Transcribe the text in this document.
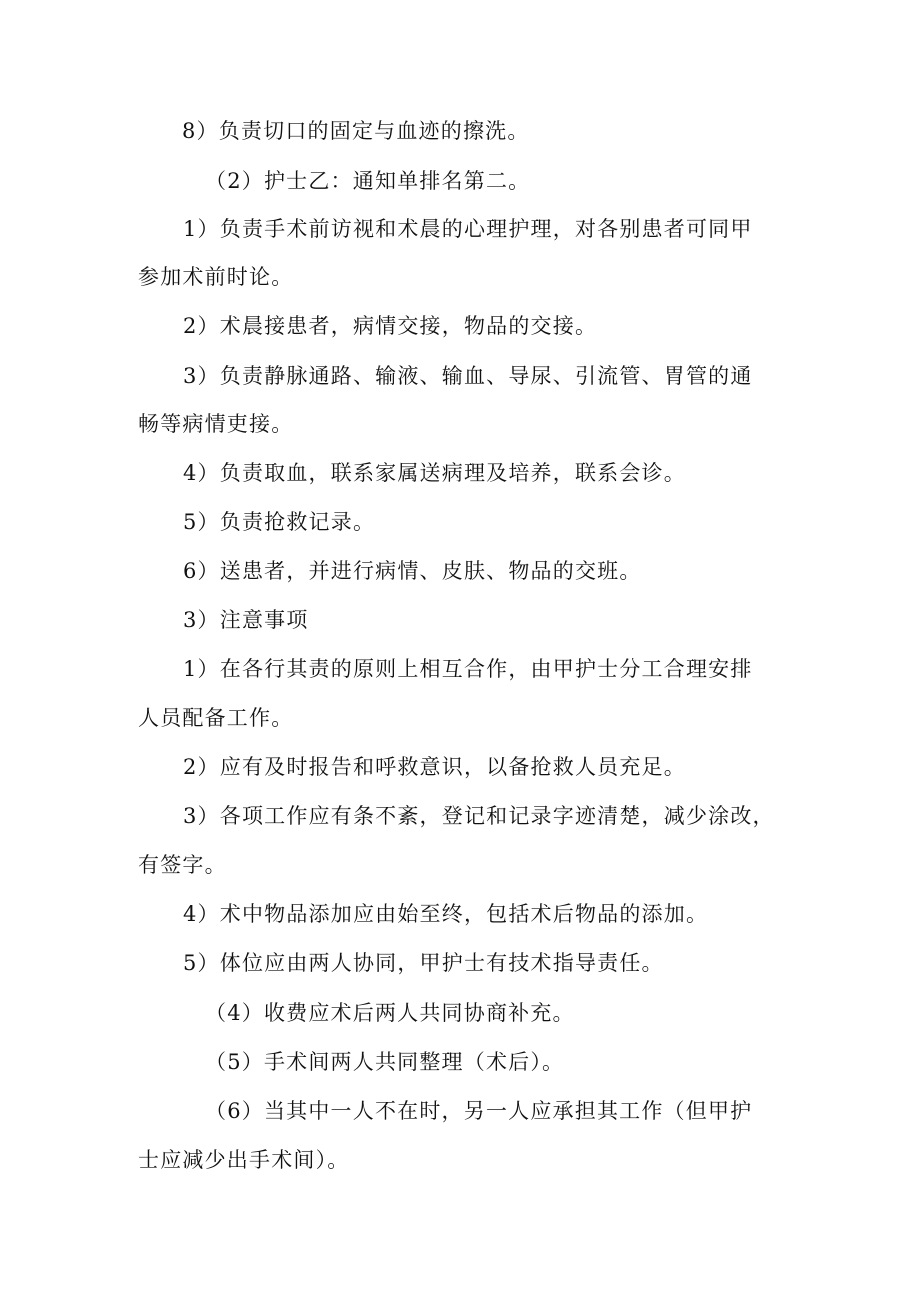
8）负责切口的固定与血迹的擦洗。
（2）护士乙：通知单排名第二。
1）负责手术前访视和术晨的心理护理，对各别患者可同甲
参加术前时论。
2）术晨接患者，病情交接，物品的交接。
3）负责静脉通路、输液、输血、导尿、引流管、胃管的通
畅等病情吏接。
4）负责取血，联系家属送病理及培养，联系会诊。
5）负责抢救记录。
6）送患者，并进行病情、皮肤、物品的交班。
3）注意事项
1）在各行其责的原则上相互合作，由甲护士分工合理安排
人员配备工作。
2）应有及时报告和呼救意识，以备抢救人员充足。
3）各项工作应有条不紊，登记和记录字迹清楚，减少涂改，
有签字。
4）术中物品添加应由始至终，包括术后物品的添加。
5）体位应由两人协同，甲护士有技术指导责任。
（4）收费应术后两人共同协商补充。
（5）手术间两人共同整理（术后）。
（6）当其中一人不在时，另一人应承担其工作（但甲护
士应减少出手术间）。
